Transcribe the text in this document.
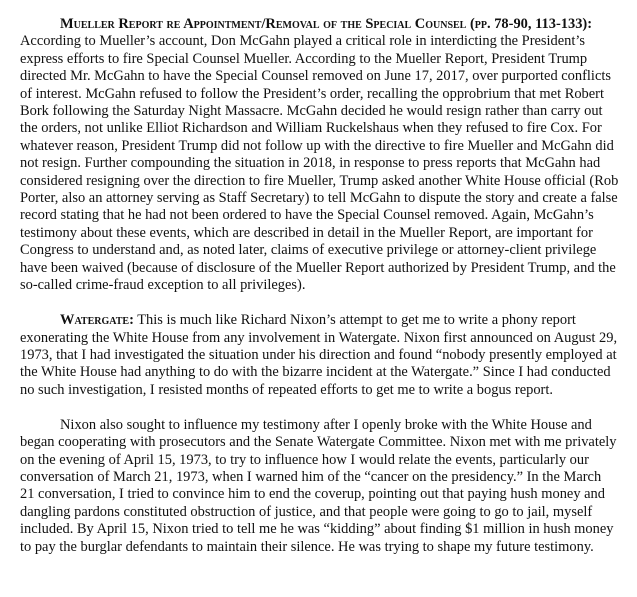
Mueller Report re Appointment/Removal of the Special Counsel (pp. 78-90, 113-133): According to Mueller’s account, Don McGahn played a critical role in interdicting the President’s express efforts to fire Special Counsel Mueller. According to the Mueller Report, President Trump directed Mr. McGahn to have the Special Counsel removed on June 17, 2017, over purported conflicts of interest. McGahn refused to follow the President’s order, recalling the opprobrium that met Robert Bork following the Saturday Night Massacre. McGahn decided he would resign rather than carry out the orders, not unlike Elliot Richardson and William Ruckelshaus when they refused to fire Cox. For whatever reason, President Trump did not follow up with the directive to fire Mueller and McGahn did not resign. Further compounding the situation in 2018, in response to press reports that McGahn had considered resigning over the direction to fire Mueller, Trump asked another White House official (Rob Porter, also an attorney serving as Staff Secretary) to tell McGahn to dispute the story and create a false record stating that he had not been ordered to have the Special Counsel removed. Again, McGahn’s testimony about these events, which are described in detail in the Mueller Report, are important for Congress to understand and, as noted later, claims of executive privilege or attorney-client privilege have been waived (because of disclosure of the Mueller Report authorized by President Trump, and the so-called crime-fraud exception to all privileges).

Watergate: This is much like Richard Nixon’s attempt to get me to write a phony report exonerating the White House from any involvement in Watergate. Nixon first announced on August 29, 1973, that I had investigated the situation under his direction and found “nobody presently employed at the White House had anything to do with the bizarre incident at the Watergate.” Since I had conducted no such investigation, I resisted months of repeated efforts to get me to write a bogus report.

Nixon also sought to influence my testimony after I openly broke with the White House and began cooperating with prosecutors and the Senate Watergate Committee. Nixon met with me privately on the evening of April 15, 1973, to try to influence how I would relate the events, particularly our conversation of March 21, 1973, when I warned him of the “cancer on the presidency.” In the March 21 conversation, I tried to convince him to end the coverup, pointing out that paying hush money and dangling pardons constituted obstruction of justice, and that people were going to go to jail, myself included. By April 15, Nixon tried to tell me he was “kidding” about finding $1 million in hush money to pay the burglar defendants to maintain their silence. He was trying to shape my future testimony.
